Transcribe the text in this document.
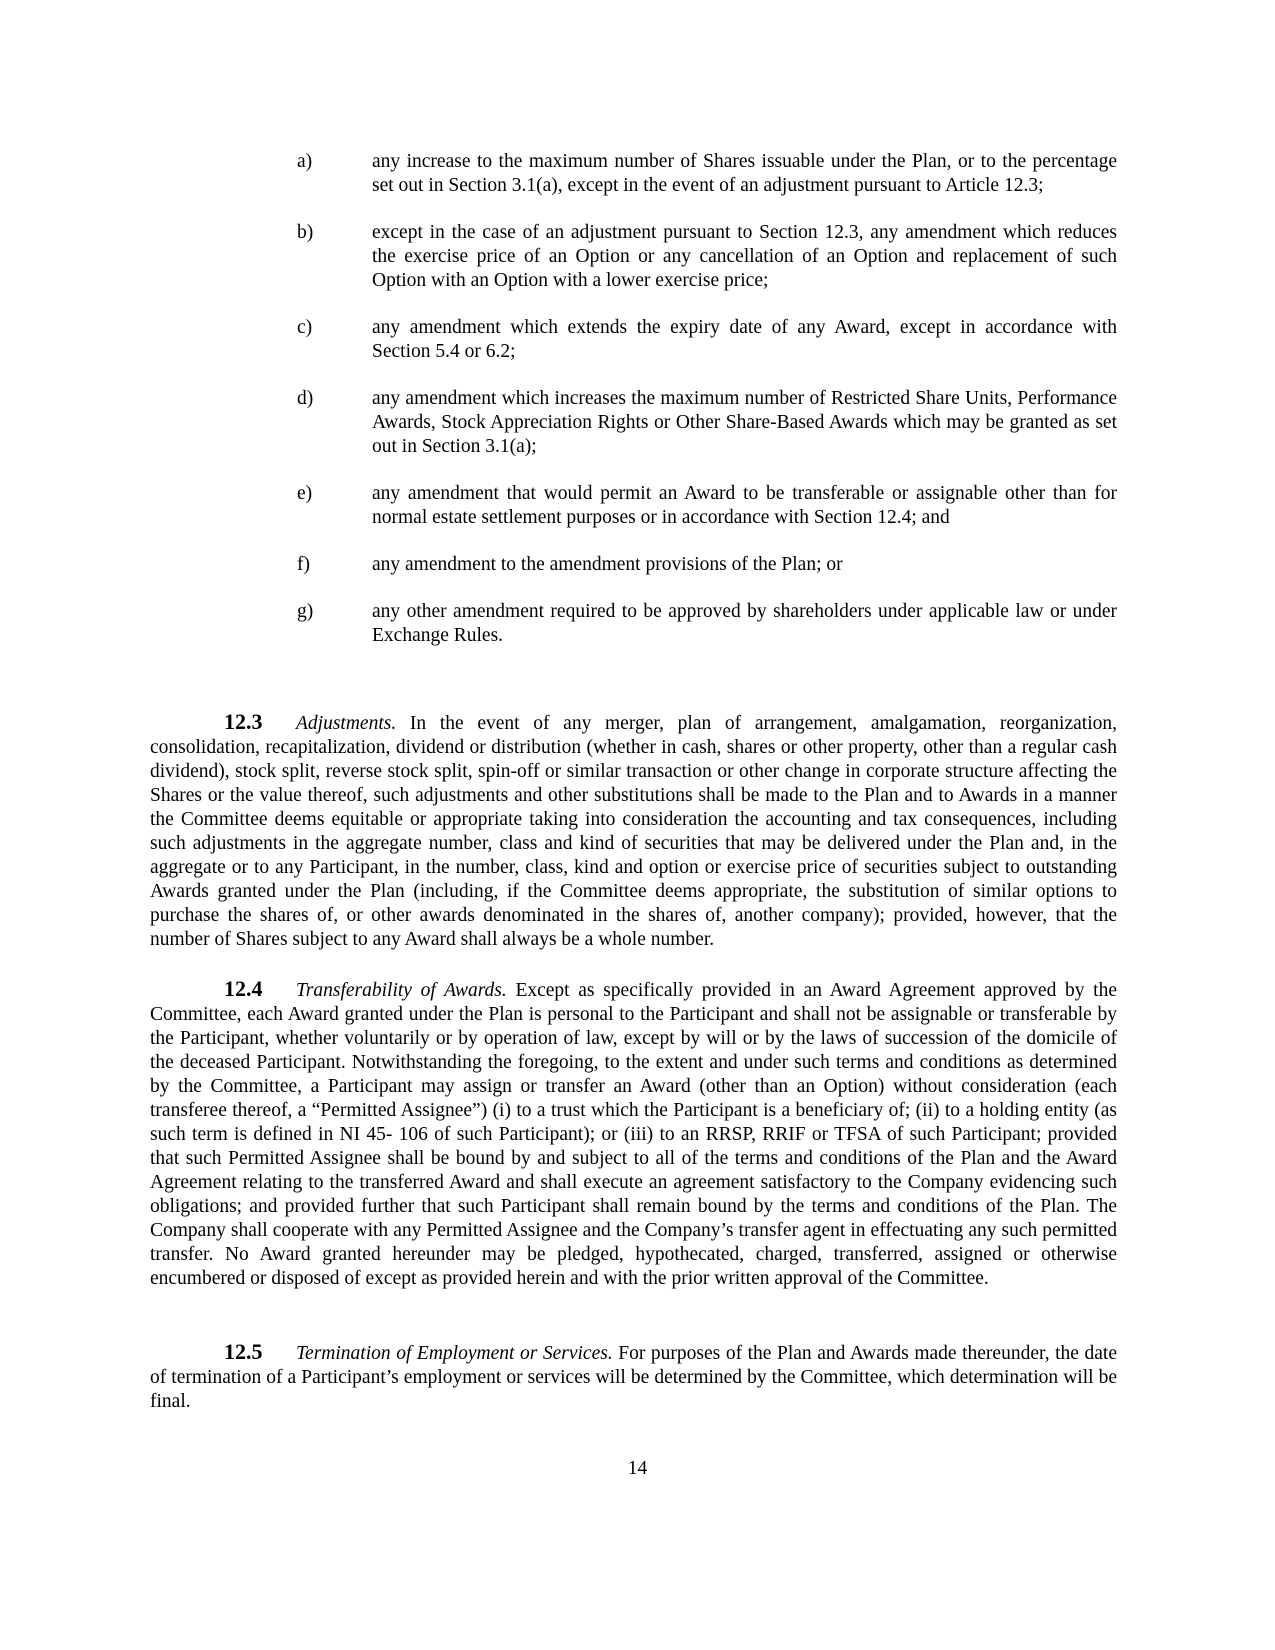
a)	any increase to the maximum number of Shares issuable under the Plan, or to the percentage set out in Section 3.1(a), except in the event of an adjustment pursuant to Article 12.3;
b)	except in the case of an adjustment pursuant to Section 12.3, any amendment which reduces the exercise price of an Option or any cancellation of an Option and replacement of such Option with an Option with a lower exercise price;
c)	any amendment which extends the expiry date of any Award, except in accordance with Section 5.4 or 6.2;
d)	any amendment which increases the maximum number of Restricted Share Units, Performance Awards, Stock Appreciation Rights or Other Share-Based Awards which may be granted as set out in Section 3.1(a);
e)	any amendment that would permit an Award to be transferable or assignable other than for normal estate settlement purposes or in accordance with Section 12.4; and
f)	any amendment to the amendment provisions of the Plan; or
g)	any other amendment required to be approved by shareholders under applicable law or under Exchange Rules.

12.3 Adjustments. In the event of any merger, plan of arrangement, amalgamation, reorganization, consolidation, recapitalization, dividend or distribution (whether in cash, shares or other property, other than a regular cash dividend), stock split, reverse stock split, spin-off or similar transaction or other change in corporate structure affecting the Shares or the value thereof, such adjustments and other substitutions shall be made to the Plan and to Awards in a manner the Committee deems equitable or appropriate taking into consideration the accounting and tax consequences, including such adjustments in the aggregate number, class and kind of securities that may be delivered under the Plan and, in the aggregate or to any Participant, in the number, class, kind and option or exercise price of securities subject to outstanding Awards granted under the Plan (including, if the Committee deems appropriate, the substitution of similar options to purchase the shares of, or other awards denominated in the shares of, another company); provided, however, that the number of Shares subject to any Award shall always be a whole number.

12.4 Transferability of Awards. Except as specifically provided in an Award Agreement approved by the Committee, each Award granted under the Plan is personal to the Participant and shall not be assignable or transferable by the Participant, whether voluntarily or by operation of law, except by will or by the laws of succession of the domicile of the deceased Participant. Notwithstanding the foregoing, to the extent and under such terms and conditions as determined by the Committee, a Participant may assign or transfer an Award (other than an Option) without consideration (each transferee thereof, a “Permitted Assignee”) (i) to a trust which the Participant is a beneficiary of; (ii) to a holding entity (as such term is defined in NI 45- 106 of such Participant); or (iii) to an RRSP, RRIF or TFSA of such Participant; provided that such Permitted Assignee shall be bound by and subject to all of the terms and conditions of the Plan and the Award Agreement relating to the transferred Award and shall execute an agreement satisfactory to the Company evidencing such obligations; and provided further that such Participant shall remain bound by the terms and conditions of the Plan. The Company shall cooperate with any Permitted Assignee and the Company’s transfer agent in effectuating any such permitted transfer. No Award granted hereunder may be pledged, hypothecated, charged, transferred, assigned or otherwise encumbered or disposed of except as provided herein and with the prior written approval of the Committee.

12.5 Termination of Employment or Services. For purposes of the Plan and Awards made thereunder, the date of termination of a Participant’s employment or services will be determined by the Committee, which determination will be final.

14
